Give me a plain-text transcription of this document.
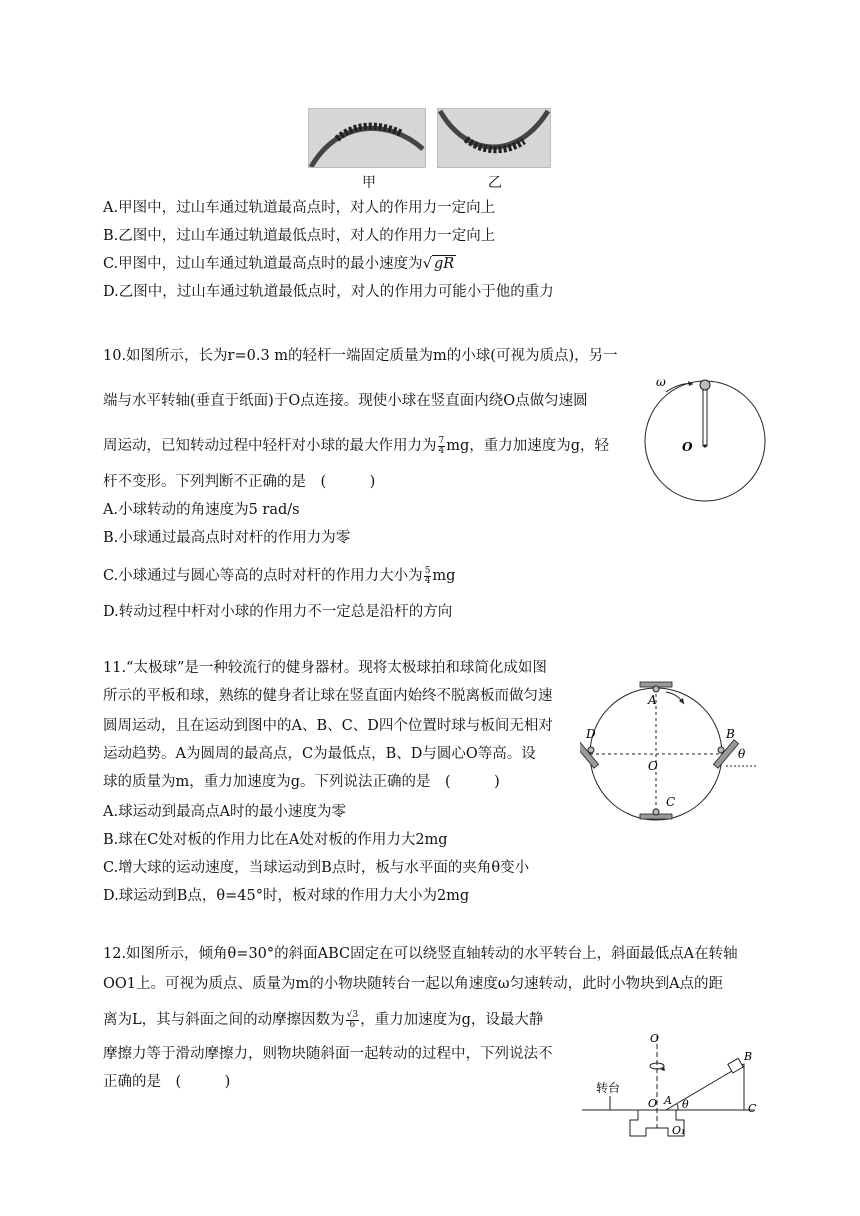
甲	乙
A.甲图中，过山车通过轨道最高点时，对人的作用力一定向上
B.乙图中，过山车通过轨道最低点时，对人的作用力一定向上
C.甲图中，过山车通过轨道最高点时的最小速度为√ gR
D.乙图中，过山车通过轨道最低点时，对人的作用力可能小于他的重力
10.如图所示，长为r=0.3 m的轻杆一端固定质量为m的小球(可视为质点)，另一
端与水平转轴(垂直于纸面)于O点连接。现使小球在竖直面内绕O点做匀速圆
周运动，已知转动过程中轻杆对小球的最大作用力为 $\frac{7}{4}$ mg，重力加速度为g，轻
杆不变形。下列判断不正确的是　(　　　)
A.小球转动的角速度为5 rad/s
B.小球通过最高点时对杆的作用力为零
C.小球通过与圆心等高的点时对杆的作用力大小为 $\frac{5}{4}$ mg
D.转动过程中杆对小球的作用力不一定总是沿杆的方向
ω
O
11.“太极球”是一种较流行的健身器材。现将太极球拍和球简化成如图
所示的平板和球，熟练的健身者让球在竖直面内始终不脱离板而做匀速
圆周运动，且在运动到图中的A、B、C、D四个位置时球与板间无相对
运动趋势。A为圆周的最高点，C为最低点，B、D与圆心O等高。设
球的质量为m，重力加速度为g。下列说法正确的是　(　　　)
A.球运动到最高点A时的最小速度为零
B.球在C处对板的作用力比在A处对板的作用力大2mg
C.增大球的运动速度，当球运动到B点时，板与水平面的夹角θ变小
D.球运动到B点，θ=45°时，板对球的作用力大小为2mg
A
B
C
D
O
θ
12.如图所示，倾角θ=30°的斜面ABC固定在可以绕竖直轴转动的水平转台上，斜面最低点A在转轴
OO1上。可视为质点、质量为m的小物块随转台一起以角速度ω匀速转动，此时小物块到A点的距
离为L，其与斜面之间的动摩擦因数为 $\frac{√3}{6}$ ，重力加速度为g，设最大静
摩擦力等于滑动摩擦力，则物块随斜面一起转动的过程中，下列说法不
正确的是　(　　　)	转台
O
O
O₁
A
B
C
θ
